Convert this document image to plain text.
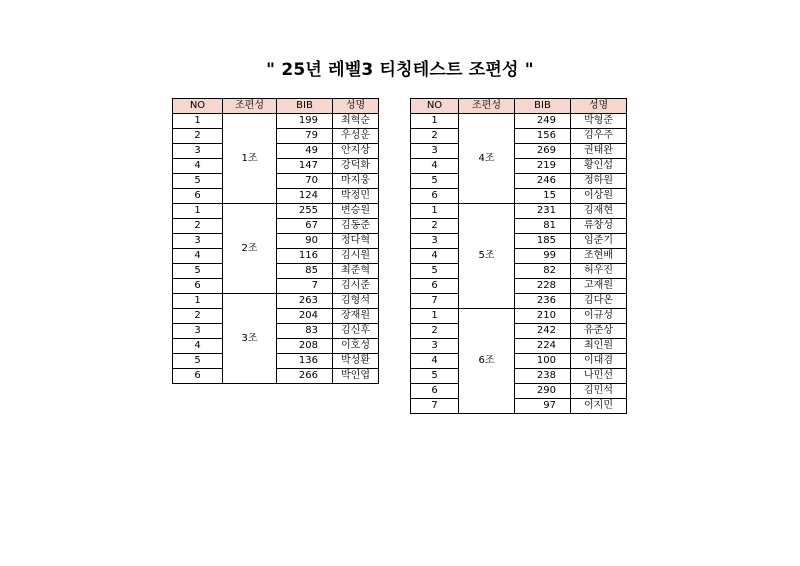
" 25년 레벨3 티칭테스트 조편성 "
NO	조편성	BIB	성명
1	1조	199	최혁순
2		79	우성운
3		49	안지상
4		147	강덕화
5		70	마지웅
6		124	박정민
1	2조	255	변승원
2		67	김동준
3		90	정다혁
4		116	김시원
5		85	최준혁
6		7	김시준
1	3조	263	김형석
2		204	장재원
3		83	김신후
4		208	이호성
5		136	박성환
6		266	박인엽
NO	조편성	BIB	성명
1	4조	249	박형준
2		156	김우주
3		269	권태완
4		219	황인섭
5		246	정하원
6		15	이상원
1	5조	231	김재현
2		81	류창성
3		185	임준기
4		99	조현배
5		82	허우진
6		228	고재원
7		236	김다온
1	6조	210	이규성
2		242	유준상
3		224	최인원
4		100	이대겸
5		238	나민선
6		290	김민석
7		97	이지민
